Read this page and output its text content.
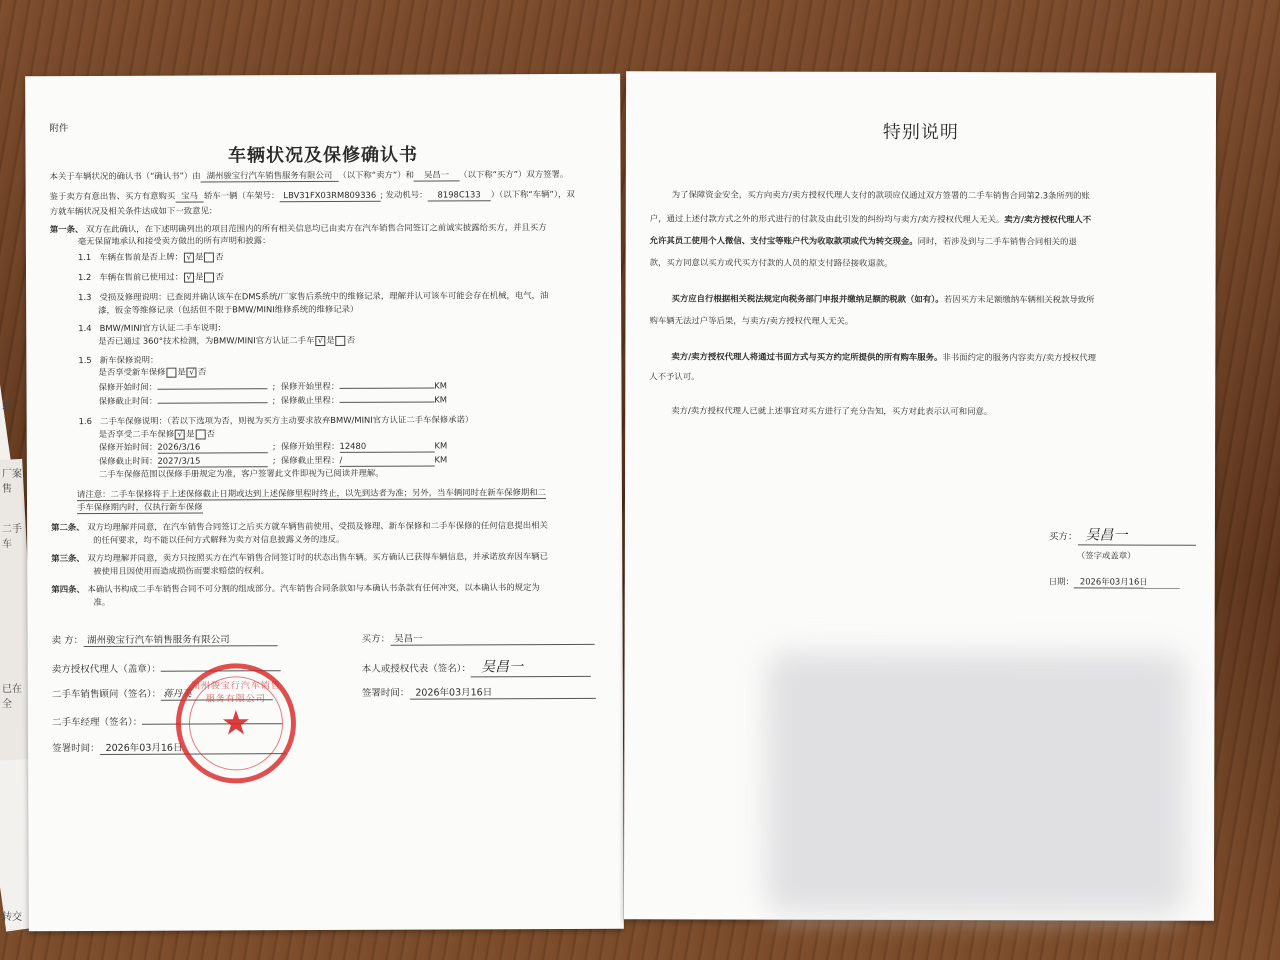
转
厂案售
二手车
已在全
转交
附件
车辆状况及保修确认书
本关于车辆状况的确认书（“确认书”）由 湖州骏宝行汽车销售服务有限公司 （以下称“卖方”）和 吴昌一 （以下称“买方”）双方签署。
鉴于卖方有意出售、买方有意购买 宝马 轿车一辆（车架号： LBV31FX03RM809336 ; 发动机号： 8198C133 ）（以下称“车辆”），双
方就车辆状况及相关条件达成如下一致意见：
第一条、 双方在此确认，在下述明确列出的项目范围内的所有相关信息均已由卖方在汽车销售合同签订之前诚实披露给买方，并且买方
毫无保留地承认和接受卖方做出的所有声明和披露：
1.1 车辆在售前是否上牌： √ 是 否
1.2 车辆在售前已使用过： √ 是 否
1.3 受损及修理说明：已查阅并确认该车在DMS系统/厂家售后系统中的维修记录，理解并认可该车可能会存在机械，电气，油
漆，钣金等维修记录（包括但不限于BMW/MINI维修系统的维修记录）
1.4 BMW/MINI官方认证二手车说明：
是否已通过 360°技术检测，为BMW/MINI官方认证二手车 √ 是 否
1.5 新车保修说明：
是否享受新车保修 是 √ 否
保修开始时间：	;  保修开始里程：	KM
保修截止时间：	;  保修截止里程：	KM
1.6 二手车保修说明：（若以下选项为否，则视为买方主动要求放弃BMW/MINI官方认证二手车保修承诺）
是否享受二手车保修 √ 是 否
保修开始时间：2026/3/16	;  保修开始里程：12480	KM
保修截止时间：2027/3/15	;  保修截止里程：/	KM
二手车保修范围以保修手册规定为准，客户签署此文件即视为已阅读并理解。
请注意：二手车保修将于上述保修截止日期或达到上述保修里程时终止，以先到达者为准；另外，当车辆同时在新车保修期和二
手车保修期内时，仅执行新车保修
第二条、 双方均理解并同意，在汽车销售合同签订之后买方就车辆售前使用、受损及修理、新车保修和二手车保修的任何信息提出相关
的任何要求，均不能以任何方式解释为卖方对信息披露义务的违反。
第三条、 双方均理解并同意，卖方只按照买方在汽车销售合同签订时的状态出售车辆。买方确认已获得车辆信息，并承诺放弃因车辆已
被使用且因使用而造成损伤而要求赔偿的权利。
第四条、 本确认书构成二手车销售合同不可分割的组成部分。汽车销售合同条款如与本确认书条款有任何冲突，以本确认书的规定为
准。
卖 方： 湖州骏宝行汽车销售服务有限公司
卖方授权代理人（盖章）：
二手车销售顾问（签名）： 蒋丹英
二手车经理（签名）：
签署时间： 2026年03月16日
买方： 吴昌一
本人或授权代表（签名）： 吴昌一
签署时间： 2026年03月16日
湖州骏宝行汽车销售服务有限公司
★
特别说明
为了保障资金安全，买方向卖方/卖方授权代理人支付的款项应仅通过双方签署的二手车销售合同第2.3条所列的账
户，通过上述付款方式之外的形式进行的付款及由此引发的纠纷均与卖方/卖方授权代理人无关。卖方/卖方授权代理人不
允许其员工使用个人微信、支付宝等账户代为收取款项或代为转交现金。同时，若涉及到与二手车销售合同相关的退
款，买方同意以买方或代买方付款的人员的原支付路径接收退款。
买方应自行根据相关税法规定向税务部门申报并缴纳足额的税款（如有）。若因买方未足额缴纳车辆相关税款导致所
购车辆无法过户等后果，与卖方/卖方授权代理人无关。
卖方/卖方授权代理人将通过书面方式与买方约定所提供的所有购车服务。非书面约定的服务内容卖方/卖方授权代理
人不予认可。
卖方/卖方授权代理人已就上述事宜对买方进行了充分告知，买方对此表示认可和同意。
买方： 吴昌一
（签字或盖章）
日期： 2026年03月16日
